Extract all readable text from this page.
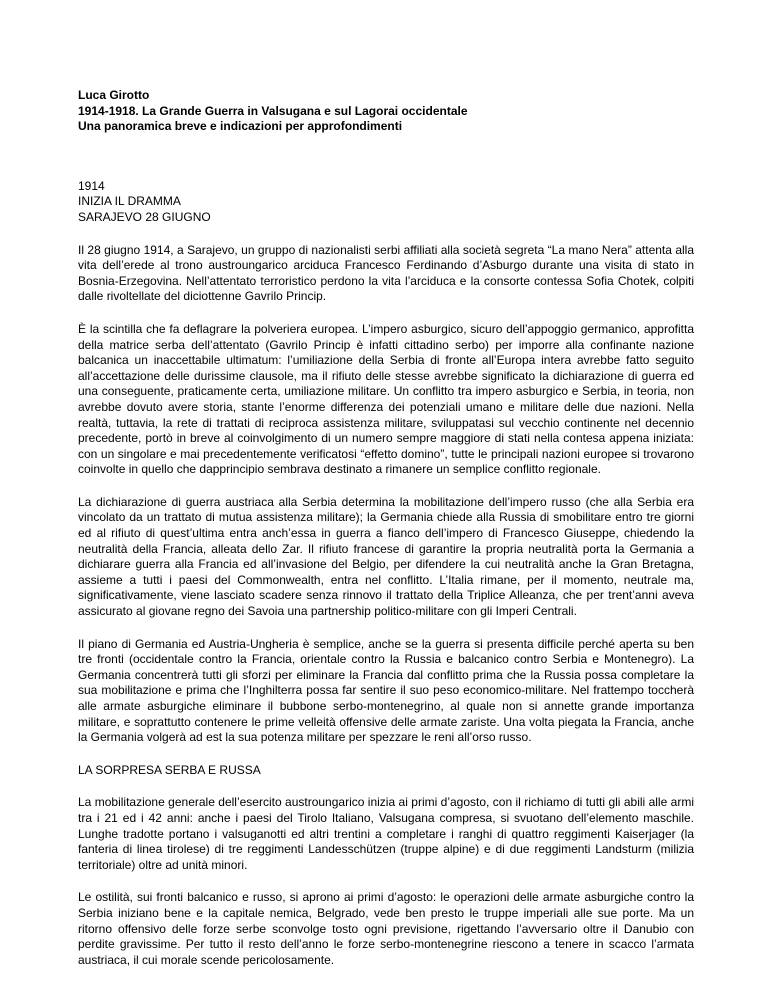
Luca Girotto

1914-1918. La Grande Guerra in Valsugana e sul Lagorai occidentale

Una panoramica breve e indicazioni per approfondimenti

1914

INIZIA IL DRAMMA

SARAJEVO 28 GIUGNO

Il 28 giugno 1914, a Sarajevo, un gruppo di nazionalisti serbi affiliati alla società segreta “La mano Nera” attenta alla vita dell’erede al trono austroungarico arciduca Francesco Ferdinando d’Asburgo durante una visita di stato in Bosnia-Erzegovina. Nell’attentato terroristico perdono la vita l’arciduca e la consorte contessa Sofia Chotek, colpiti dalle rivoltellate del diciottenne Gavrilo Princip.

È la scintilla che fa deflagrare la polveriera europea. L’impero asburgico, sicuro dell’appoggio germanico, approfitta della matrice serba dell’attentato (Gavrilo Princip è infatti cittadino serbo) per imporre alla confinante nazione balcanica un inaccettabile ultimatum: l’umiliazione della Serbia di fronte all’Europa intera avrebbe fatto seguito all’accettazione delle durissime clausole, ma il rifiuto delle stesse avrebbe significato la dichiarazione di guerra ed una conseguente, praticamente certa, umiliazione militare. Un conflitto tra impero asburgico e Serbia, in teoria, non avrebbe dovuto avere storia, stante l’enorme differenza dei potenziali umano e militare delle due nazioni. Nella realtà, tuttavia, la rete di trattati di reciproca assistenza militare, sviluppatasi sul vecchio continente nel decennio precedente, portò in breve al coinvolgimento di un numero sempre maggiore di stati nella contesa appena iniziata: con un singolare e mai precedentemente verificatosi “effetto domino”, tutte le principali nazioni europee si trovarono coinvolte in quello che dapprincipio sembrava destinato a rimanere un semplice conflitto regionale.

La dichiarazione di guerra austriaca alla Serbia determina la mobilitazione dell’impero russo (che alla Serbia era vincolato da un trattato di mutua assistenza militare); la Germania chiede alla Russia di smobilitare entro tre giorni ed al rifiuto di quest’ultima entra anch’essa in guerra a fianco dell’impero di Francesco Giuseppe, chiedendo la neutralità della Francia, alleata dello Zar. Il rifiuto francese di garantire la propria neutralità porta la Germania a dichiarare guerra alla Francia ed all’invasione del Belgio, per difendere la cui neutralità anche la Gran Bretagna, assieme a tutti i paesi del Commonwealth, entra nel conflitto. L’Italia rimane, per il momento, neutrale ma, significativamente, viene lasciato scadere senza rinnovo il trattato della Triplice Alleanza, che per trent’anni aveva assicurato al giovane regno dei Savoia una partnership politico-militare con gli Imperi Centrali.

Il piano di Germania ed Austria-Ungheria è semplice, anche se la guerra si presenta difficile perché aperta su ben tre fronti (occidentale contro la Francia, orientale contro la Russia e balcanico contro Serbia e Montenegro). La Germania concentrerà tutti gli sforzi per eliminare la Francia dal conflitto prima che la Russia possa completare la sua mobilitazione e prima che l’Inghilterra possa far sentire il suo peso economico-militare. Nel frattempo toccherà alle armate asburgiche eliminare il bubbone serbo-montenegrino, al quale non si annette grande importanza militare, e soprattutto contenere le prime velleità offensive delle armate zariste. Una volta piegata la Francia, anche la Germania volgerà ad est la sua potenza militare per spezzare le reni all’orso russo.

LA SORPRESA SERBA E RUSSA

La mobilitazione generale dell’esercito austroungarico inizia ai primi d’agosto, con il richiamo di tutti gli abili alle armi tra i 21 ed i 42 anni: anche i paesi del Tirolo Italiano, Valsugana compresa, si svuotano dell’elemento maschile. Lunghe tradotte portano i valsuganotti ed altri trentini a completare i ranghi di quattro reggimenti Kaiserjager (la fanteria di linea tirolese) di tre reggimenti Landesschützen (truppe alpine) e di due reggimenti Landsturm (milizia territoriale) oltre ad unità minori.

Le ostilità, sui fronti balcanico e russo, si aprono ai primi d’agosto: le operazioni delle armate asburgiche contro la Serbia iniziano bene e la capitale nemica, Belgrado, vede ben presto le truppe imperiali alle sue porte. Ma un ritorno offensivo delle forze serbe sconvolge tosto ogni previsione, rigettando l’avversario oltre il Danubio con perdite gravissime. Per tutto il resto dell’anno le forze serbo-montenegrine riescono a tenere in scacco l’armata austriaca, il cui morale scende pericolosamente.
